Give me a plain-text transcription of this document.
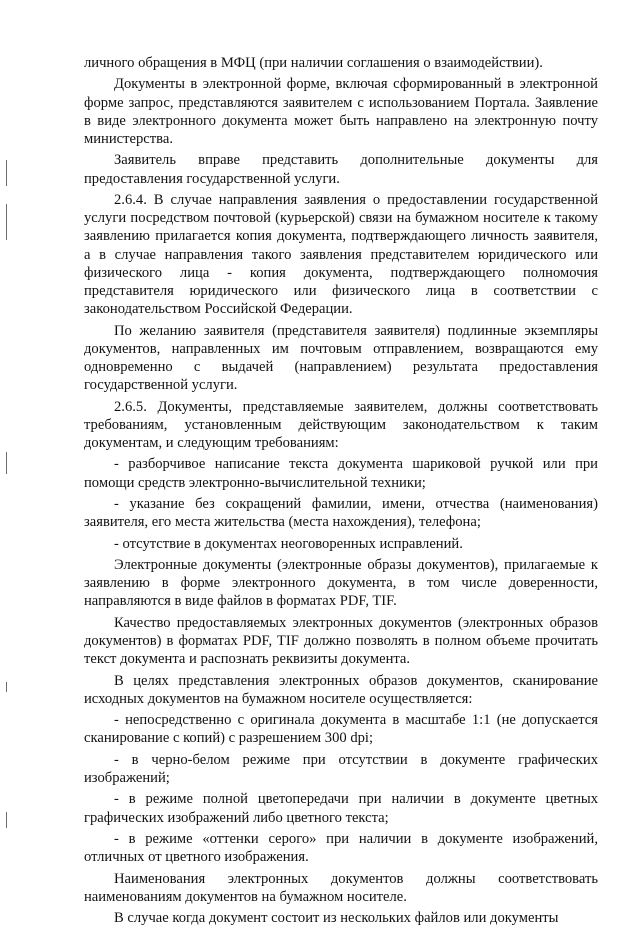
личного обращения в МФЦ (при наличии соглашения о взаимодействии).

Документы в электронной форме, включая сформированный в электронной форме запрос, представляются заявителем с использованием Портала. Заявление в виде электронного документа может быть направлено на электронную почту министерства.

Заявитель вправе представить дополнительные документы для предоставления государственной услуги.

2.6.4. В случае направления заявления о предоставлении государственной услуги посредством почтовой (курьерской) связи на бумажном носителе к такому заявлению прилагается копия документа, подтверждающего личность заявителя, а в случае направления такого заявления представителем юридического или физического лица - копия документа, подтверждающего полномочия представителя юридического или физического лица в соответствии с законодательством Российской Федерации.

По желанию заявителя (представителя заявителя) подлинные экземпляры документов, направленных им почтовым отправлением, возвращаются ему одновременно с выдачей (направлением) результата предоставления государственной услуги.

2.6.5. Документы, представляемые заявителем, должны соответствовать требованиям, установленным действующим законодательством к таким документам, и следующим требованиям:

- разборчивое написание текста документа шариковой ручкой или при помощи средств электронно-вычислительной техники;

- указание без сокращений фамилии, имени, отчества (наименования) заявителя, его места жительства (места нахождения), телефона;

- отсутствие в документах неоговоренных исправлений.

Электронные документы (электронные образы документов), прилагаемые к заявлению в форме электронного документа, в том числе доверенности, направляются в виде файлов в форматах PDF, TIF.

Качество предоставляемых электронных документов (электронных образов документов) в форматах PDF, TIF должно позволять в полном объеме прочитать текст документа и распознать реквизиты документа.

В целях представления электронных образов документов, сканирование исходных документов на бумажном носителе осуществляется:

- непосредственно с оригинала документа в масштабе 1:1 (не допускается сканирование с копий) с разрешением 300 dpi;

- в черно-белом режиме при отсутствии в документе графических изображений;

- в режиме полной цветопередачи при наличии в документе цветных графических изображений либо цветного текста;

- в режиме «оттенки серого» при наличии в документе изображений, отличных от цветного изображения.

Наименования электронных документов должны соответствовать наименованиям документов на бумажном носителе.

В случае когда документ состоит из нескольких файлов или документы
